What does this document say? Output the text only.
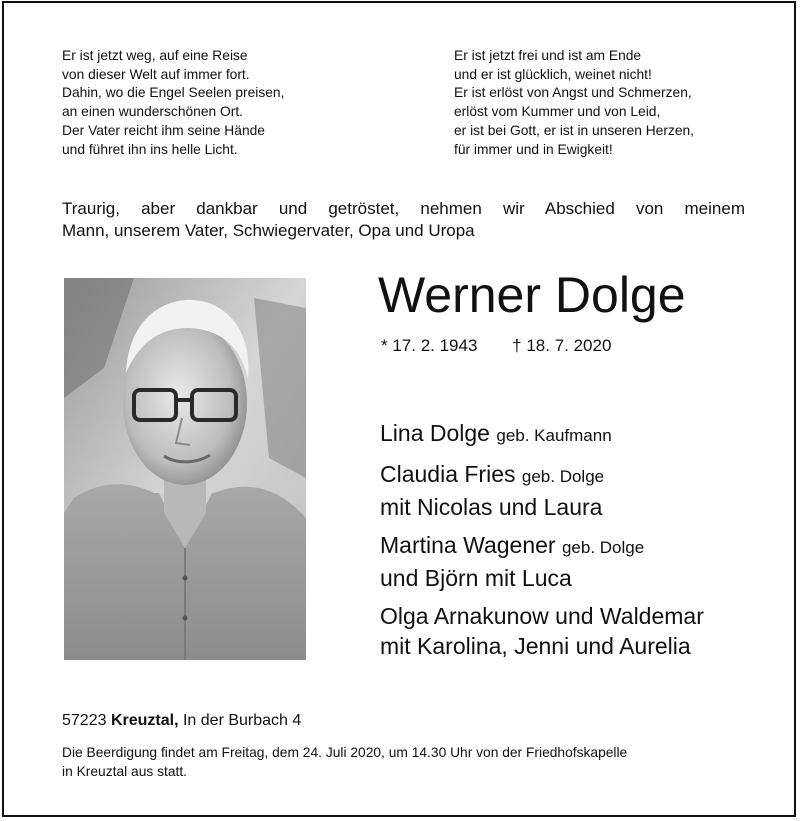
Er ist jetzt weg, auf eine Reise
von dieser Welt auf immer fort.
Dahin, wo die Engel Seelen preisen,
an einen wunderschönen Ort.
Der Vater reicht ihm seine Hände
und führet ihn ins helle Licht.
Er ist jetzt frei und ist am Ende
und er ist glücklich, weinet nicht!
Er ist erlöst von Angst und Schmerzen,
erlöst vom Kummer und von Leid,
er ist bei Gott, er ist in unseren Herzen,
für immer und in Ewigkeit!
Traurig, aber dankbar und getröstet, nehmen wir Abschied von meinem
Mann, unserem Vater, Schwiegervater, Opa und Uropa
Werner Dolge
* 17. 2. 1943 † 18. 7. 2020
Lina Dolge geb. Kaufmann
Claudia Fries geb. Dolge
mit Nicolas und Laura
Martina Wagener geb. Dolge
und Björn mit Luca
Olga Arnakunow und Waldemar
mit Karolina, Jenni und Aurelia
57223 Kreuztal, In der Burbach 4
Die Beerdigung findet am Freitag, dem 24. Juli 2020, um 14.30 Uhr von der Friedhofskapelle
in Kreuztal aus statt.
